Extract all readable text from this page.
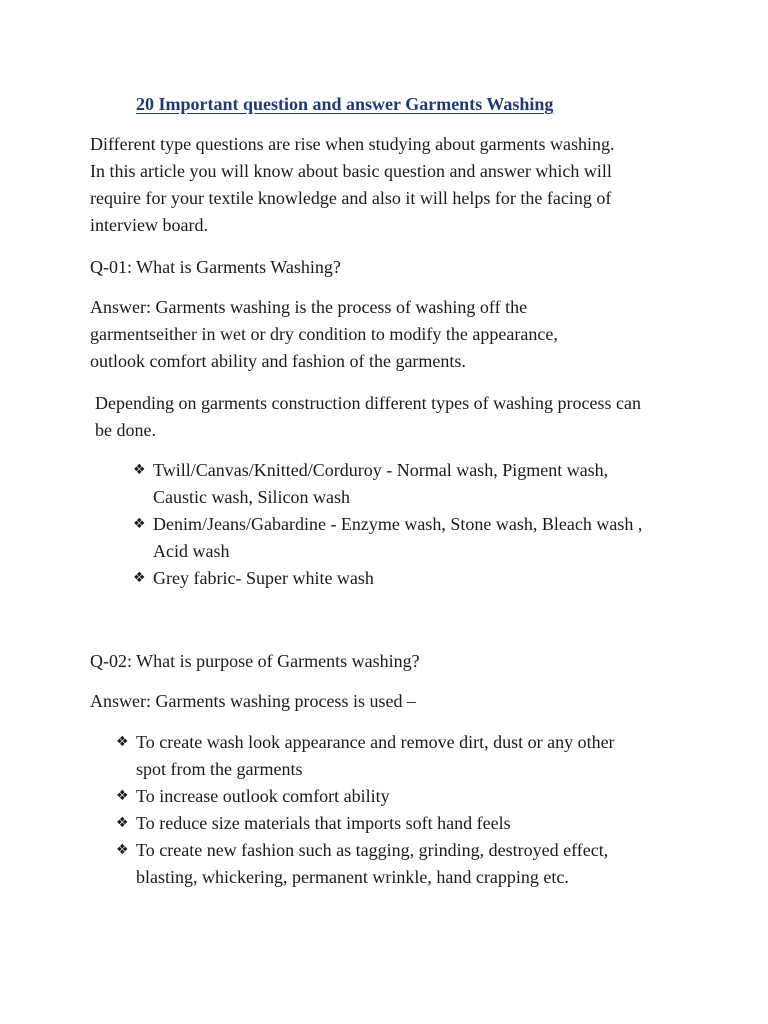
20 Important question and answer Garments Washing

Different type questions are rise when studying about garments washing.
In this article you will know about basic question and answer which will
require for your textile knowledge and also it will helps for the facing of
interview board.

Q-01: What is Garments Washing?

Answer: Garments washing is the process of washing off the
garmentseither in wet or dry condition to modify the appearance,
outlook comfort ability and fashion of the garments.

Depending on garments construction different types of washing process can
be done.

❖ Twill/Canvas/Knitted/Corduroy - Normal wash, Pigment wash,
Caustic wash, Silicon wash
❖ Denim/Jeans/Gabardine - Enzyme wash, Stone wash, Bleach wash ,
Acid wash
❖ Grey fabric- Super white wash

Q-02: What is purpose of Garments washing?

Answer: Garments washing process is used –

❖ To create wash look appearance and remove dirt, dust or any other
spot from the garments
❖ To increase outlook comfort ability
❖ To reduce size materials that imports soft hand feels
❖ To create new fashion such as tagging, grinding, destroyed effect,
blasting, whickering, permanent wrinkle, hand crapping etc.
